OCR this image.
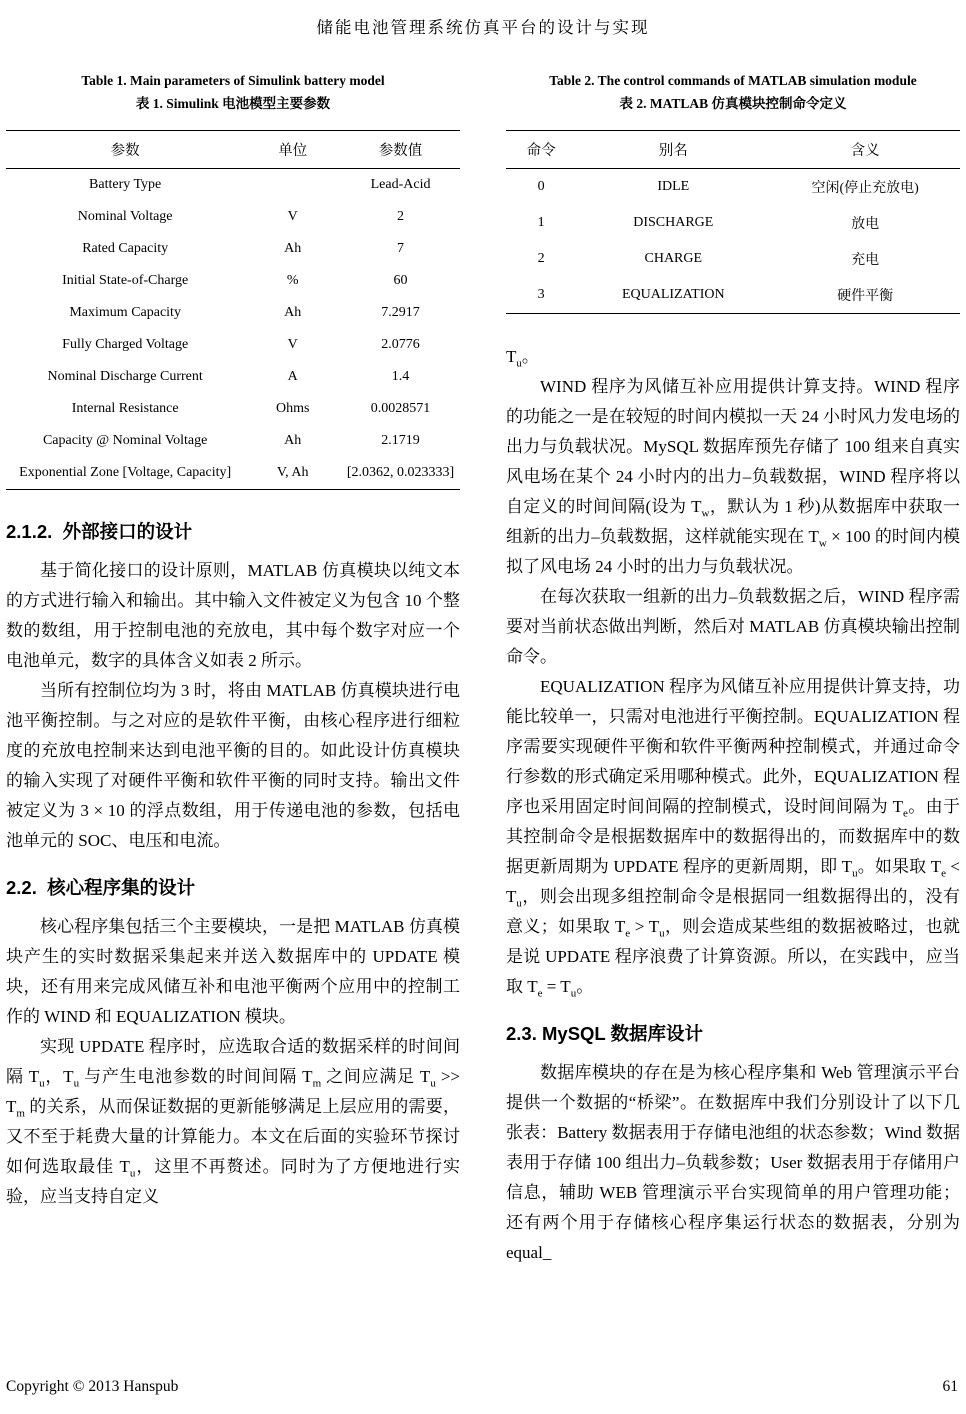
储能电池管理系统仿真平台的设计与实现
Table 1. Main parameters of Simulink battery model
表 1. Simulink 电池模型主要参数
参数	单位	参数值
Battery Type		Lead-Acid
Nominal Voltage	V	2
Rated Capacity	Ah	7
Initial State-of-Charge	%	60
Maximum Capacity	Ah	7.2917
Fully Charged Voltage	V	2.0776
Nominal Discharge Current	A	1.4
Internal Resistance	Ohms	0.0028571
Capacity @ Nominal Voltage	Ah	2.1719
Exponential Zone [Voltage, Capacity]	V, Ah	[2.0362, 0.023333]
2.1.2.  外部接口的设计

基于简化接口的设计原则，MATLAB 仿真模块以纯文本的方式进行输入和输出。其中输入文件被定义为包含 10 个整数的数组，用于控制电池的充放电，其中每个数字对应一个电池单元，数字的具体含义如表 2 所示。

当所有控制位均为 3 时，将由 MATLAB 仿真模块进行电池平衡控制。与之对应的是软件平衡，由核心程序进行细粒度的充放电控制来达到电池平衡的目的。如此设计仿真模块的输入实现了对硬件平衡和软件平衡的同时支持。输出文件被定义为 3 × 10 的浮点数组，用于传递电池的参数，包括电池单元的 SOC、电压和电流。

2.2.  核心程序集的设计

核心程序集包括三个主要模块，一是把 MATLAB 仿真模块产生的实时数据采集起来并送入数据库中的 UPDATE 模块，还有用来完成风储互补和电池平衡两个应用中的控制工作的 WIND 和 EQUALIZATION 模块。

实现 UPDATE 程序时，应选取合适的数据采样的时间间隔 $T_u$，$T_u$ 与产生电池参数的时间间隔 $T_m$ 之间应满足 $T_u >> T_m$ 的关系，从而保证数据的更新能够满足上层应用的需要，又不至于耗费大量的计算能力。本文在后面的实验环节探讨如何选取最佳 $T_u$，这里不再赘述。同时为了方便地进行实验，应当支持自定义

Table 2. The control commands of MATLAB simulation module
表 2. MATLAB 仿真模块控制命令定义
命令	别名	含义
0	IDLE	空闲(停止充放电)
1	DISCHARGE	放电
2	CHARGE	充电
3	EQUALIZATION	硬件平衡

$T_u$。

WIND 程序为风储互补应用提供计算支持。WIND 程序的功能之一是在较短的时间内模拟一天 24 小时风力发电场的出力与负载状况。MySQL 数据库预先存储了 100 组来自真实风电场在某个 24 小时内的出力–负载数据，WIND 程序将以自定义的时间间隔(设为 $T_w$，默认为 1 秒)从数据库中获取一组新的出力–负载数据，这样就能实现在 $T_w \times 100$ 的时间内模拟了风电场 24 小时的出力与负载状况。

在每次获取一组新的出力–负载数据之后，WIND 程序需要对当前状态做出判断，然后对 MATLAB 仿真模块输出控制命令。

EQUALIZATION 程序为风储互补应用提供计算支持，功能比较单一，只需对电池进行平衡控制。EQUALIZATION 程序需要实现硬件平衡和软件平衡两种控制模式，并通过命令行参数的形式确定采用哪种模式。此外，EQUALIZATION 程序也采用固定时间间隔的控制模式，设时间间隔为 $T_e$。由于其控制命令是根据数据库中的数据得出的，而数据库中的数据更新周期为 UPDATE 程序的更新周期，即 $T_u$。如果取 $T_e < T_u$，则会出现多组控制命令是根据同一组数据得出的，没有意义；如果取 $T_e > T_u$，则会造成某些组的数据被略过，也就是说 UPDATE 程序浪费了计算资源。所以，在实践中，应当取 $T_e = T_u$。

2.3. MySQL 数据库设计

数据库模块的存在是为核心程序集和 Web 管理演示平台提供一个数据的“桥梁”。在数据库中我们分别设计了以下几张表：Battery 数据表用于存储电池组的状态参数；Wind 数据表用于存储 100 组出力–负载参数；User 数据表用于存储用户信息，辅助 WEB 管理演示平台实现简单的用户管理功能；还有两个用于存储核心程序集运行状态的数据表，分别为 equal_

Copyright © 2013 Hanspub	61
